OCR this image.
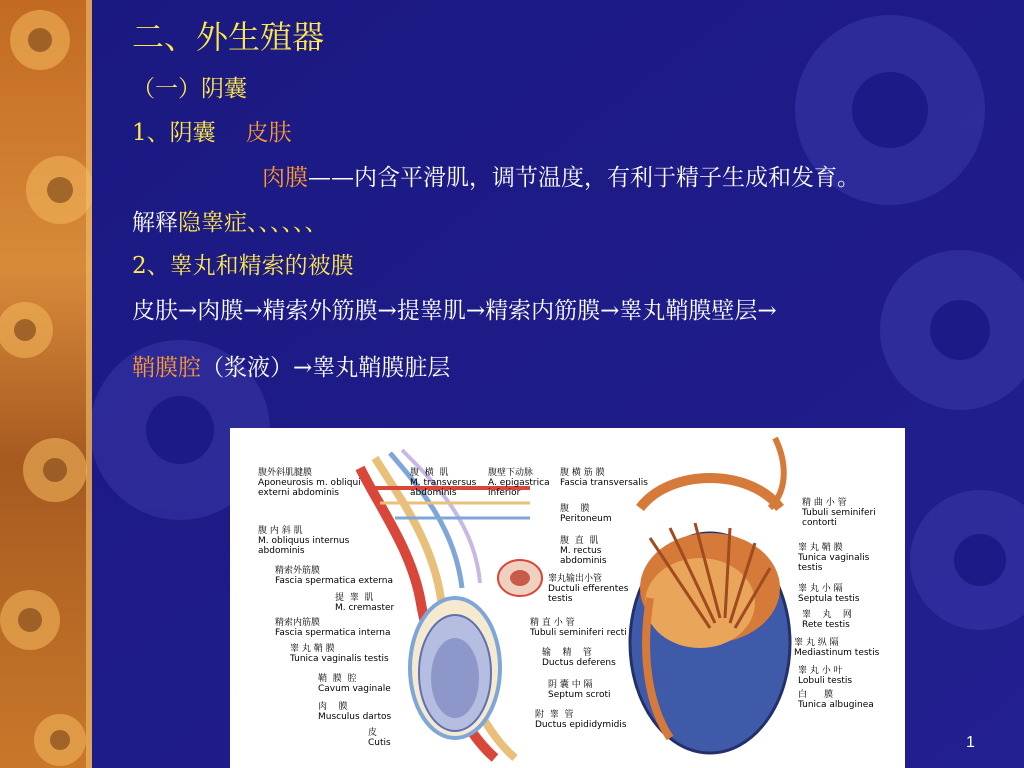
二、外生殖器
（一）阴囊
1、阴囊 皮肤
肉膜——内含平滑肌，调节温度，有利于精子生成和发育。
解释隐睾症、、、、、、
2、睾丸和精索的被膜
皮肤→肉膜→精索外筋膜→提睾肌→精索内筋膜→睾丸鞘膜壁层→
鞘膜腔（浆液）→睾丸鞘膜脏层
腹外斜肌腱膜
Aponeurosis m. obliqui
externi abdominis
腹 内 斜 肌
M. obliquus internus
abdominis
精索外筋膜
Fascia spermatica externa
提  睾  肌
M. cremaster
精索内筋膜
Fascia spermatica interna
睾 丸 鞘 膜
Tunica vaginalis testis
鞘  膜  腔
Cavum vaginale
肉    膜
Musculus dartos
皮
Cutis
腹  横  肌
M. transversus
abdominis
腹壁下动脉
A. epigastrica
inferior
腹 横 筋 膜
Fascia transversalis
腹    膜
Peritoneum
腹  直  肌
M. rectus
abdominis
睾丸输出小管
Ductuli efferentes
testis
精 直 小 管
Tubuli seminiferi recti
输    精    管
Ductus deferens
阴 囊 中 隔
Septum scroti
附  睾  管
Ductus epididymidis
精 曲 小 管
Tubuli seminiferi
contorti
睾 丸 鞘 膜
Tunica vaginalis
testis
睾 丸 小 隔
Septula testis
睾    丸    网
Rete testis
睾 丸 纵 隔
Mediastinum testis
睾 丸 小 叶
Lobuli testis
白      膜
Tunica albuginea
1
